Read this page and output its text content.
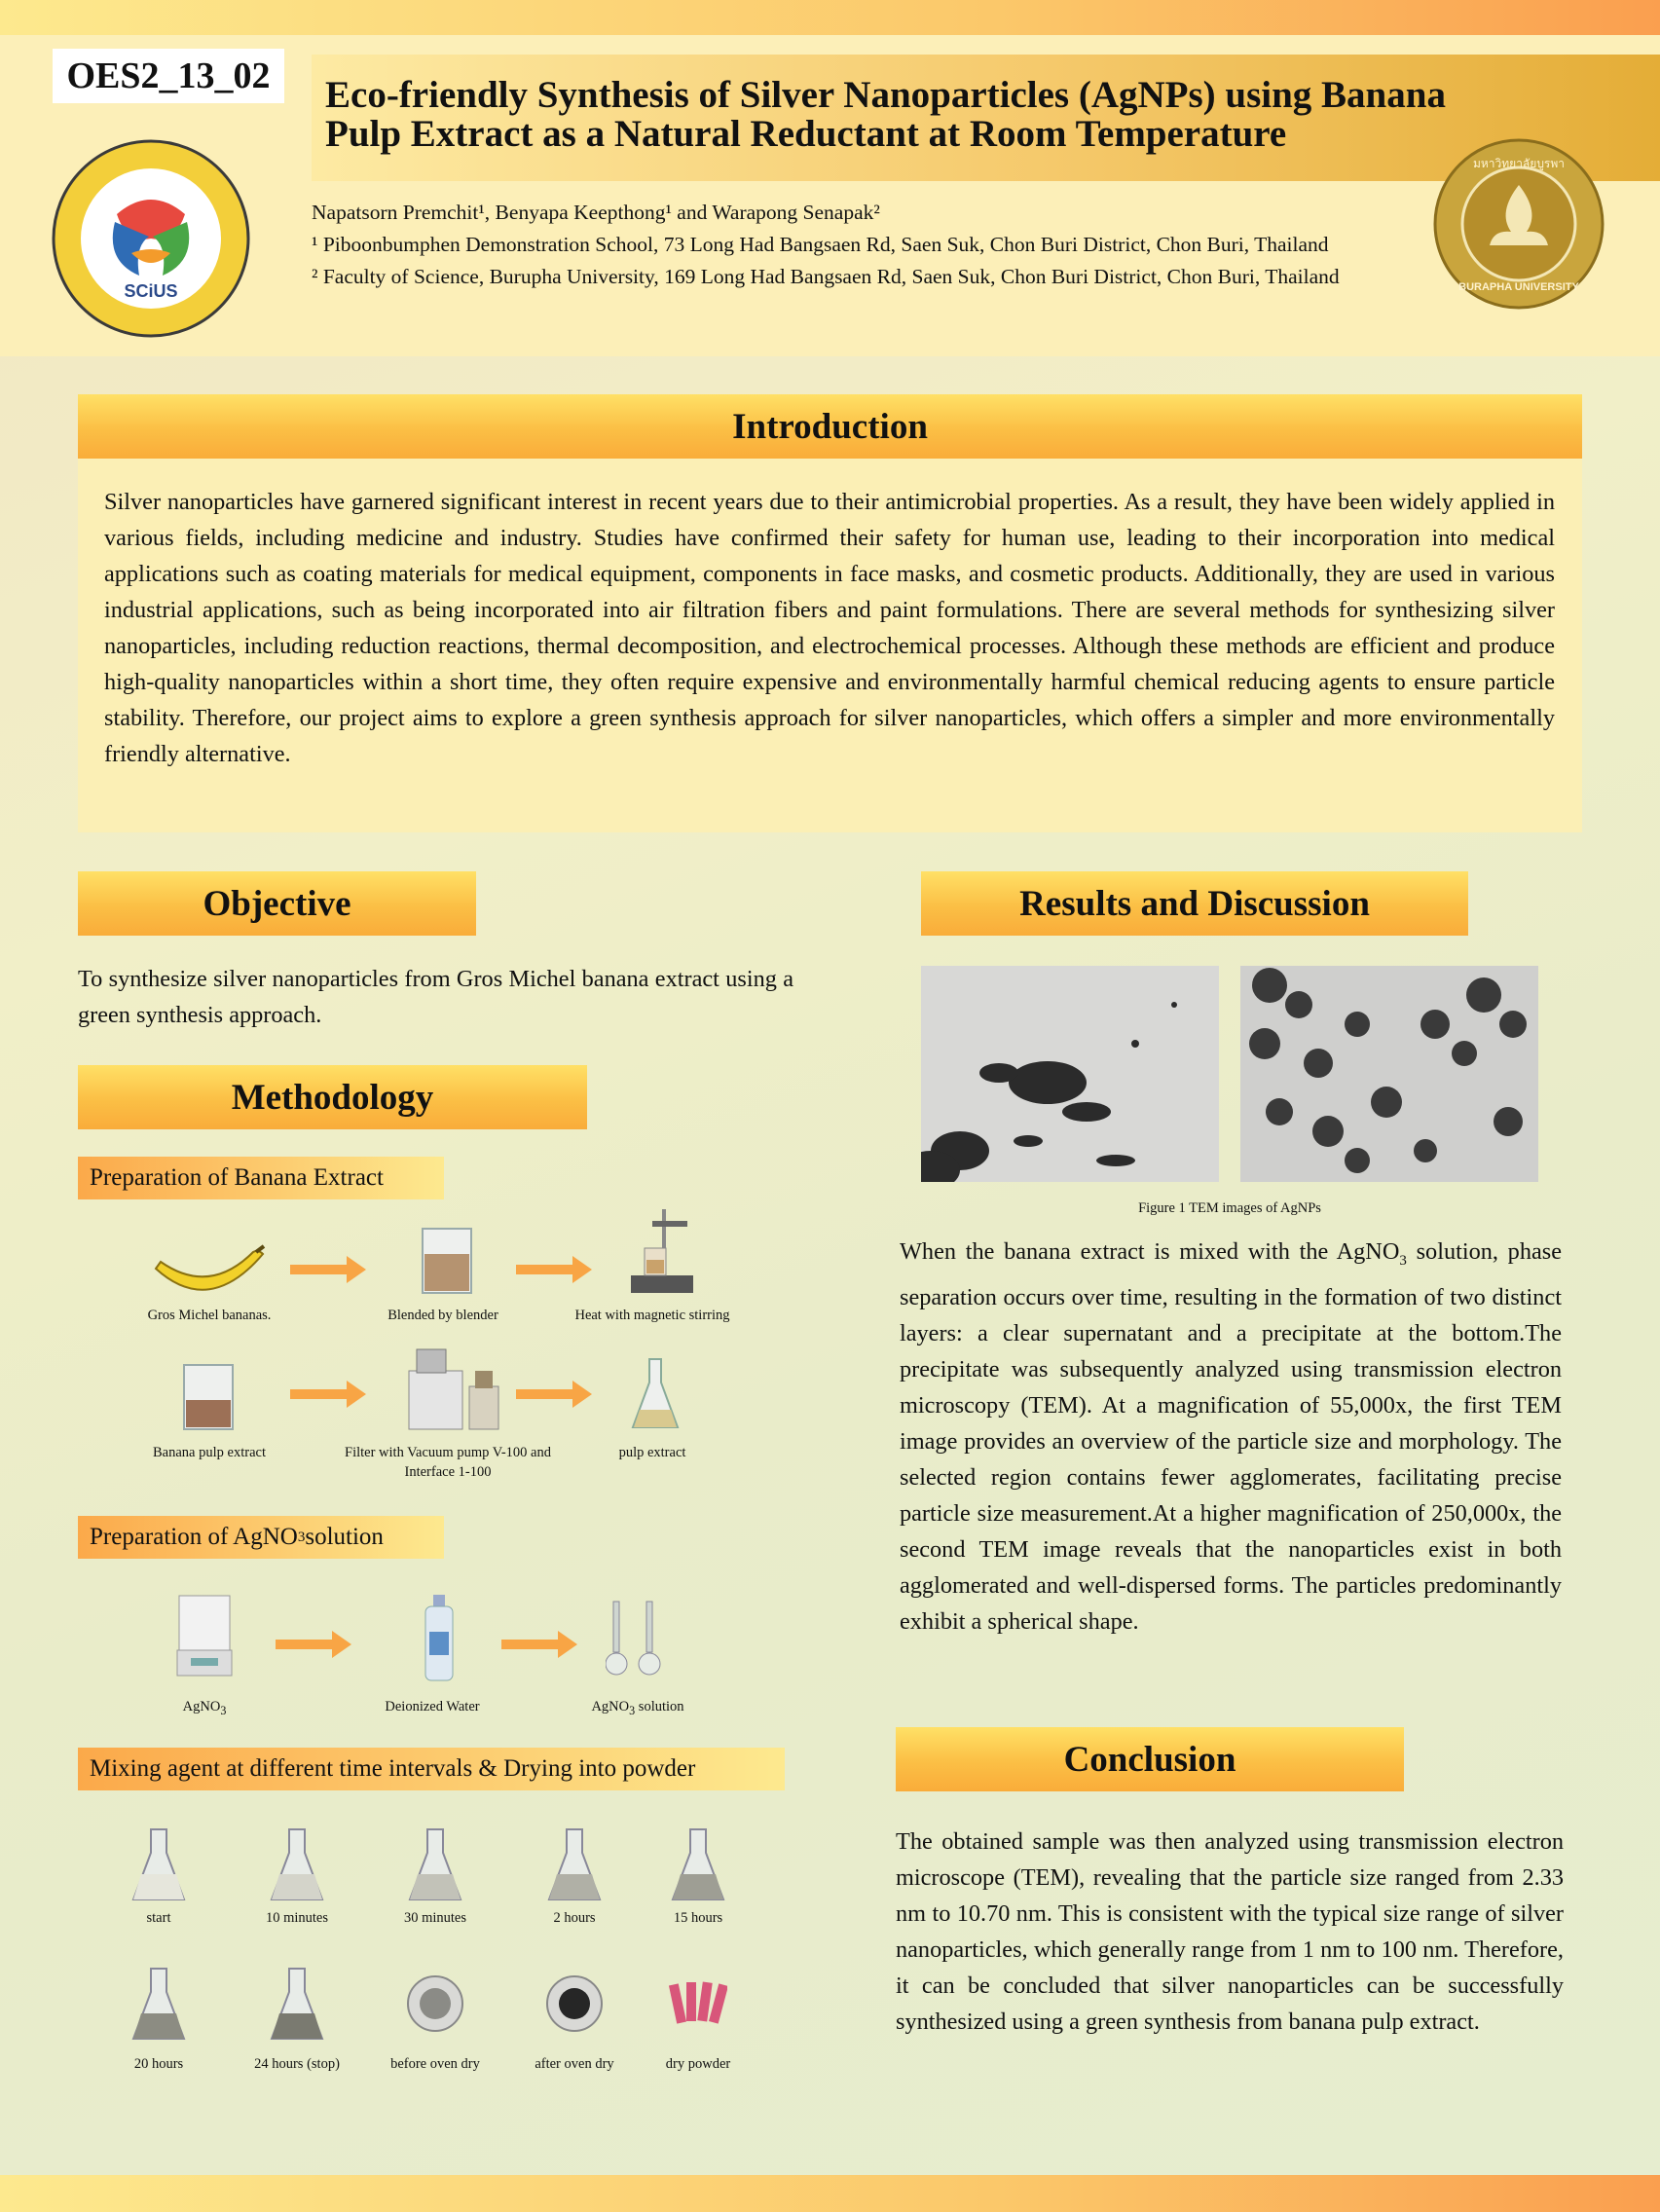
OES2_13_02	Eco-friendly Synthesis of Silver Nanoparticles (AgNPs) using Banana
Pulp Extract as a Natural Reductant at Room Temperature
Napatsorn Premchit¹, Benyapa Keepthong¹ and Warapong Senapak²
¹ Piboonbumphen Demonstration School, 73 Long Had Bangsaen Rd, Saen Suk, Chon Buri District, Chon Buri, Thailand
² Faculty of Science, Burupha University, 169 Long Had Bangsaen Rd, Saen Suk, Chon Buri District, Chon Buri, Thailand
SCiUS	BURAPHA UNIVERSITY
มหาวิทยาลัยบูรพา
Introduction
Silver nanoparticles have garnered significant interest in recent years due to their antimicrobial properties. As a result, they have been widely applied in various fields, including medicine and industry. Studies have confirmed their safety for human use, leading to their incorporation into medical applications such as coating materials for medical equipment, components in face masks, and cosmetic products. Additionally, they are used in various industrial applications, such as being incorporated into air filtration fibers and paint formulations. There are several methods for synthesizing silver nanoparticles, including reduction reactions, thermal decomposition, and electrochemical processes. Although these methods are efficient and produce high-quality nanoparticles within a short time, they often require expensive and environmentally harmful chemical reducing agents to ensure particle stability. Therefore, our project aims to explore a green synthesis approach for silver nanoparticles, which offers a simpler and more environmentally friendly alternative.
Objective
To synthesize silver nanoparticles from Gros Michel banana extract using a green synthesis approach.
Methodology
Preparation of Banana Extract
Gros Michel bananas.	Blended by blender	Heat with magnetic stirring
Banana pulp extract	Filter with Vacuum pump V-100 and Interface 1-100
pulp extract
Preparation of AgNO 3 solution
AgNO$_3$	Deionized Water	AgNO$_3$ solution
Mixing agent at different time intervals & Drying into powder
start	10 minutes	30 minutes	2 hours	15 hours
20 hours	24 hours (stop)	before oven dry	after oven dry	dry powder
Results and Discussion
Figure 1 TEM images of AgNPs
When the banana extract is mixed with the AgNO$_3$ solution, phase separation occurs over time, resulting in the formation of two distinct layers: a clear supernatant and a precipitate at the bottom.The precipitate was subsequently analyzed using transmission electron microscopy (TEM). At a magnification of 55,000x, the first TEM image provides an overview of the particle size and morphology. The selected region contains fewer agglomerates, facilitating precise particle size measurement.At a higher magnification of 250,000x, the second TEM image reveals that the nanoparticles exist in both agglomerated and well-dispersed forms. The particles predominantly exhibit a spherical shape.
Conclusion
The obtained sample was then analyzed using transmission electron microscope (TEM), revealing that the particle size ranged from 2.33 nm to 10.70 nm. This is consistent with the typical size range of silver nanoparticles, which generally range from 1 nm to 100 nm. Therefore, it can be concluded that silver nanoparticles can be successfully synthesized using a green synthesis from banana pulp extract.
